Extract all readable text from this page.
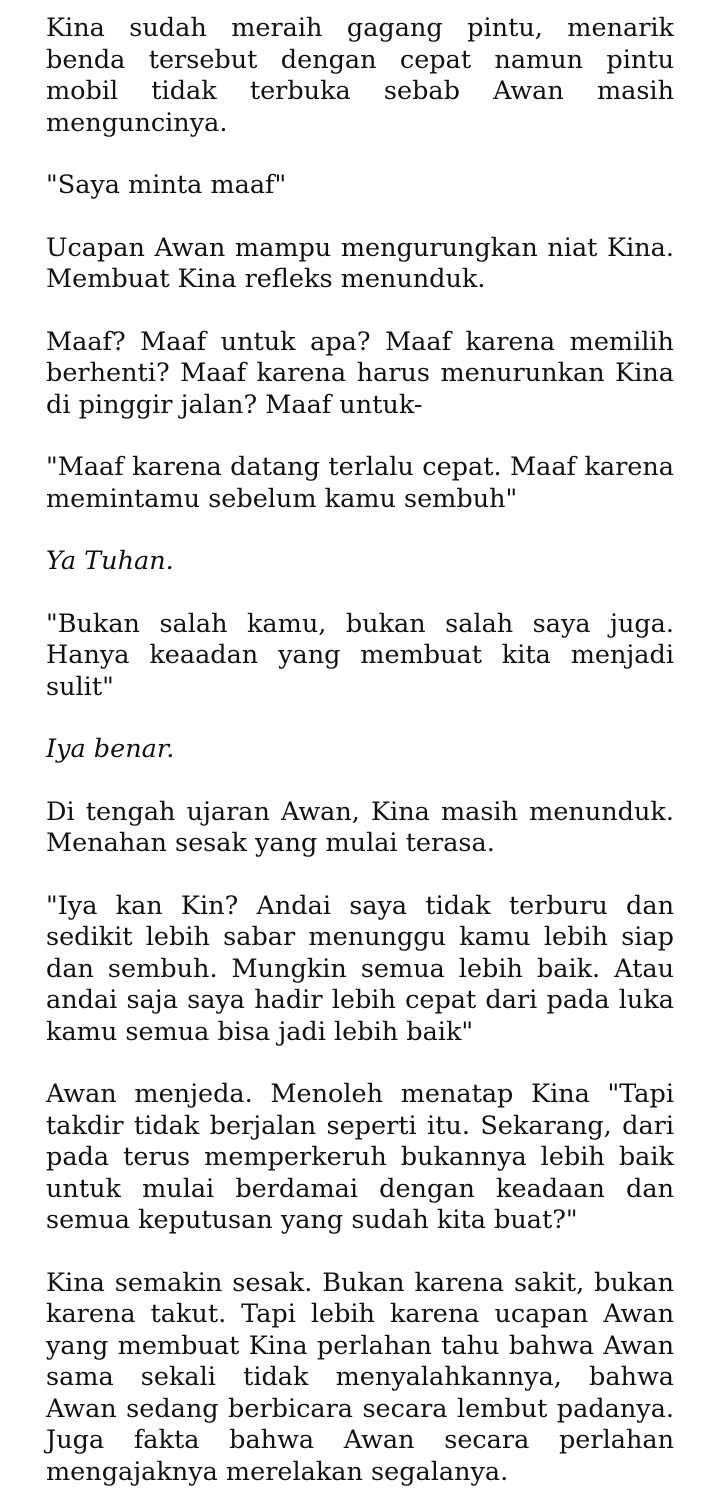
Kina sudah meraih gagang pintu, menarik benda tersebut dengan cepat namun pintu mobil tidak terbuka sebab Awan masih menguncinya.

"Saya minta maaf"

Ucapan Awan mampu mengurungkan niat Kina. Membuat Kina refleks menunduk.

Maaf? Maaf untuk apa? Maaf karena memilih berhenti? Maaf karena harus menurunkan Kina di pinggir jalan? Maaf untuk-

"Maaf karena datang terlalu cepat. Maaf karena memintamu sebelum kamu sembuh"

Ya Tuhan.

"Bukan salah kamu, bukan salah saya juga. Hanya keaadan yang membuat kita menjadi sulit"

Iya benar.

Di tengah ujaran Awan, Kina masih menunduk. Menahan sesak yang mulai terasa.

"Iya kan Kin? Andai saya tidak terburu dan sedikit lebih sabar menunggu kamu lebih siap dan sembuh. Mungkin semua lebih baik. Atau andai saja saya hadir lebih cepat dari pada luka kamu semua bisa jadi lebih baik"

Awan menjeda. Menoleh menatap Kina "Tapi takdir tidak berjalan seperti itu. Sekarang, dari pada terus memperkeruh bukannya lebih baik untuk mulai berdamai dengan keadaan dan semua keputusan yang sudah kita buat?"

Kina semakin sesak. Bukan karena sakit, bukan karena takut. Tapi lebih karena ucapan Awan yang membuat Kina perlahan tahu bahwa Awan sama sekali tidak menyalahkannya, bahwa Awan sedang berbicara secara lembut padanya. Juga fakta bahwa Awan secara perlahan mengajaknya merelakan segalanya.
